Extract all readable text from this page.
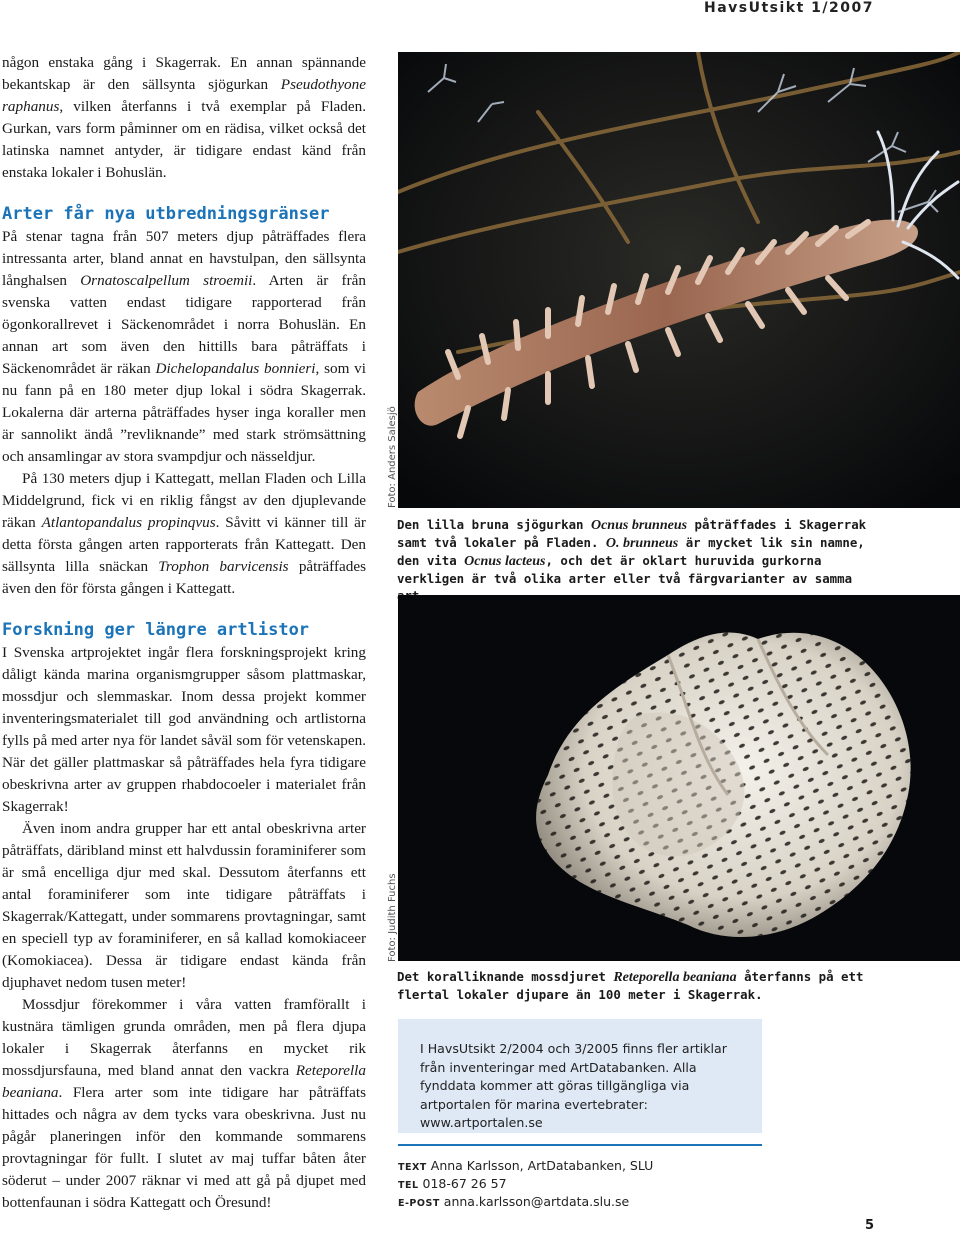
HavsUtsikt 1/2007

någon enstaka gång i Skagerrak. En annan spännande bekantskap är den sällsynta sjögurkan Pseudothyone raphanus, vilken återfanns i två exemplar på Fladen. Gurkan, vars form påminner om en rädisa, vilket också det latinska namnet antyder, är tidigare endast känd från enstaka lokaler i Bohuslän.

Arter får nya utbredningsgränser

På stenar tagna från 507 meters djup påträffades flera intressanta arter, bland annat en havstulpan, den sällsynta långhalsen Ornatoscalpellum stroemii. Arten är från svenska vatten endast tidigare rapporterad från ögonkorallrevet i Säckenområdet i norra Bohuslän. En annan art som även den hittills bara påträffats i Säckenområdet är räkan Dichelopandalus bonnieri, som vi nu fann på en 180 meter djup lokal i södra Skagerrak. Lokalerna där arterna påträffades hyser inga koraller men är sannolikt ändå ”revliknande” med stark strömsättning och ansamlingar av stora svampdjur och nässeldjur.

På 130 meters djup i Kattegatt, mellan Fladen och Lilla Middelgrund, fick vi en riklig fångst av den djuplevande räkan Atlantopandalus propinqvus. Såvitt vi känner till är detta första gången arten rapporterats från Kattegatt. Den sällsynta lilla snäckan Trophon barvicensis påträffades även den för första gången i Kattegatt.

Forskning ger längre artlistor

I Svenska artprojektet ingår flera forskningsprojekt kring dåligt kända marina organismgrupper såsom plattmaskar, mossdjur och slemmaskar. Inom dessa projekt kommer inventeringsmaterialet till god användning och artlistorna fylls på med arter nya för landet såväl som för vetenskapen. När det gäller plattmaskar så påträffades hela fyra tidigare obeskrivna arter av gruppen rhabdocoeler i materialet från Skagerrak!

Även inom andra grupper har ett antal obeskrivna arter påträffats, däribland minst ett halvdussin foraminiferer som är små encelliga djur med skal. Dessutom återfanns ett antal foraminiferer som inte tidigare påträffats i Skagerrak/Kattegatt, under sommarens provtagningar, samt en speciell typ av foraminiferer, en så kallad komokiaceer (Komokiacea). Dessa är tidigare endast kända från djuphavet nedom tusen meter!

Mossdjur förekommer i våra vatten framförallt i kustnära tämligen grunda områden, men på flera djupa lokaler i Skagerrak återfanns en mycket rik mossdjursfauna, med bland annat den vackra Reteporella beaniana. Flera arter som inte tidigare har påträffats hittades och några av dem tycks vara obeskrivna. Just nu pågår planeringen inför den kommande sommarens provtagningar för fullt. I slutet av maj tuffar båten åter söderut – under 2007 räknar vi med att gå på djupet med bottenfaunan i södra Kattegatt och Öresund!

Foto: Anders Salesjö
Den lilla bruna sjögurkan Ocnus brunneus påträffades i Skagerrak samt två lokaler på Fladen. O. brunneus är mycket lik sin namne, den vita Ocnus lacteus, och det är oklart huruvida gurkorna verkligen är två olika arter eller två färgvarianter av samma
Foto: Judith Fuchs
Det koralliknande mossdjuret Reteporella beaniana återfanns på ett flertal lokaler djupare än 100 meter i Skagerrak.

I HavsUtsikt 2/2004 och 3/2005 finns fler artiklar från inventeringar med ArtDatabanken. Alla fynddata kommer att göras tillgängliga via artportalen för marina evertebrater: www.artportalen.se

TEXT Anna Karlsson, ArtDatabanken, SLU
TEL 018-67 26 57
E-POST anna.karlsson@artdata.slu.se
5
